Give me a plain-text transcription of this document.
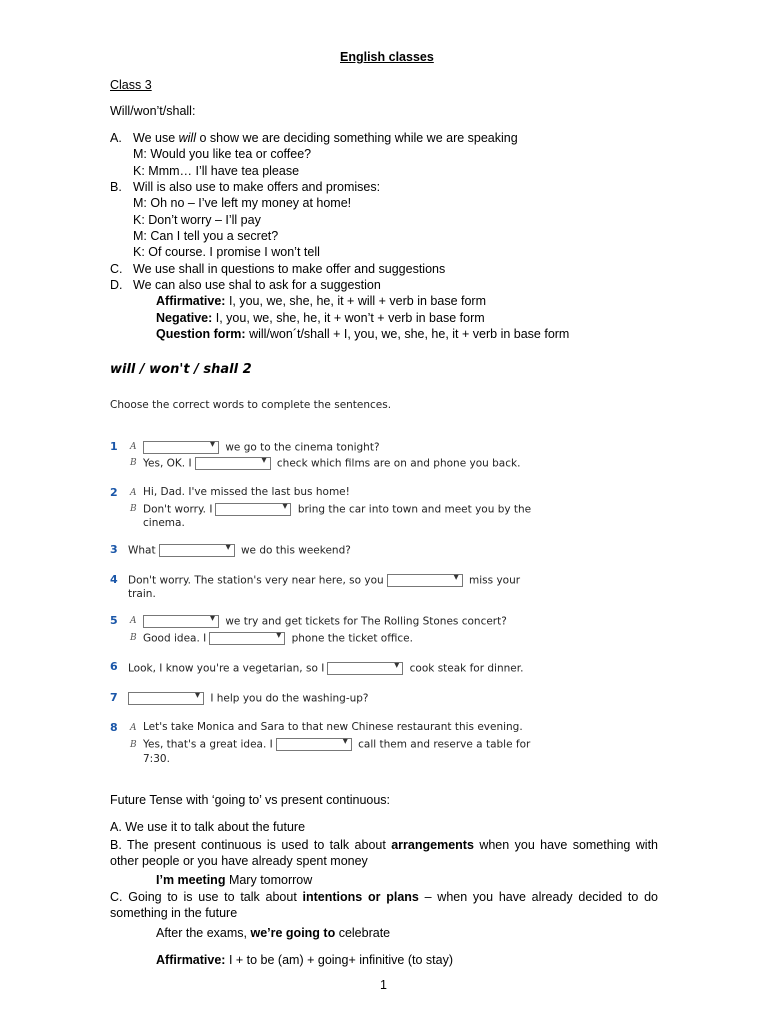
English classes
Class 3
Will/won’t/shall:
A. We use will o show we are deciding something while we are speaking
M: Would you like tea or coffee?
K: Mmm… I’ll have tea please
B. Will is also use to make offers and promises:
M: Oh no – I’ve left my money at home!
K: Don’t worry – I’ll pay
M: Can I tell you a secret?
K: Of course. I promise I won’t tell
C. We use shall in questions to make offer and suggestions
D. We can also use shal to ask for a suggestion
Affirmative: I, you, we, she, he, it + will + verb in base form
Negative: I, you, we, she, he, it + won’t + verb in base form
Question form: will/won´t/shall + I, you, we, she, he, it + verb in base form
will / won't / shall 2
Choose the correct words to complete the sentences.
1 A ▾	we go to the cinema tonight?
B Yes, OK. I ▾	check which films are on and phone you back.
2 A Hi, Dad. I've missed the last bus home!
B Don't worry. I ▾	bring the car into town and meet you by the
cinema.
3 What ▾	we do this weekend?
4 Don't worry. The station's very near here, so you ▾	miss your
train.
5 A ▾	we try and get tickets for The Rolling Stones concert?
B Good idea. I ▾	phone the ticket office.
6 Look, I know you're a vegetarian, so I ▾	cook steak for dinner.
7 ▾	I help you do the washing-up?
8 A Let's take Monica and Sara to that new Chinese restaurant this evening.
B Yes, that's a great idea. I ▾	call them and reserve a table for
7:30.
Future Tense with ‘going to’ vs present continuous:
A. We use it to talk about the future
B. The present continuous is used to talk about arrangements when you have something with other people or you have already spent money
I’m meeting Mary tomorrow
C. Going to is use to talk about intentions or plans – when you have already decided to do something in the future
After the exams, we’re going to celebrate
Affirmative: I + to be (am) + going+ infinitive (to stay)
1
